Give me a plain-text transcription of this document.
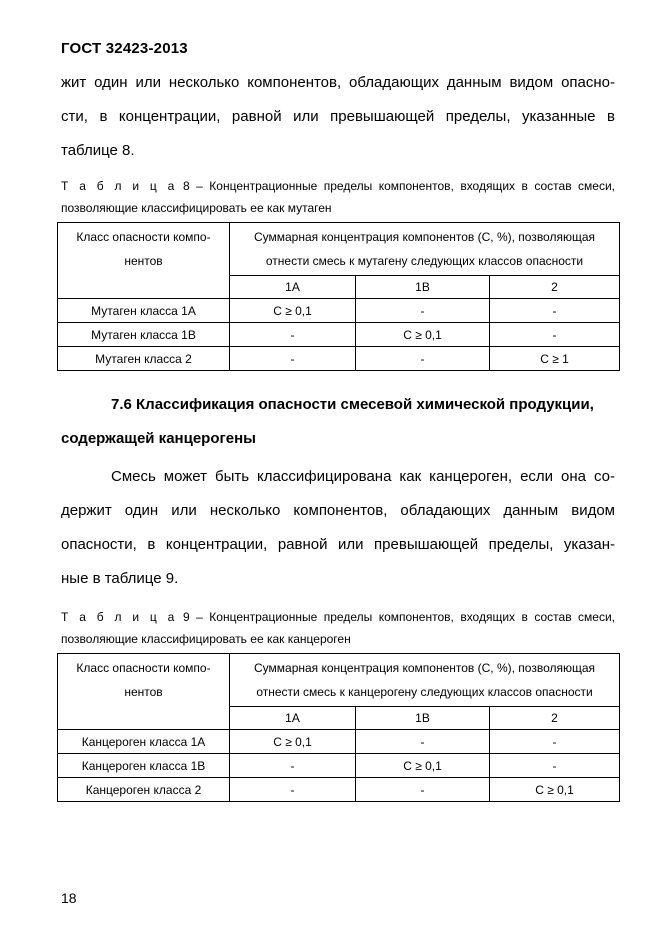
ГОСТ 32423-2013
жит один или несколько компонентов, обладающих данным видом опасно-
сти, в концентрации, равной или превышающей пределы, указанные в
таблице 8.
Т а б л и ц а 8 – Концентрационные пределы компонентов, входящих в состав смеси,
позволяющие классифицировать ее как мутаген
Класс опасности компо-нентов	Суммарная концентрация компонентов (C, %), позволяющая отнести смесь к мутагену следующих классов опасности		
	1А	1В	2
Мутаген класса 1А	C ≥ 0,1	-	-
Мутаген класса 1В	-	C ≥ 0,1	-
Мутаген класса 2	-	-	C ≥ 1
7.6 Классификация опасности смесевой химической продукции,
содержащей канцерогены
Смесь может быть классифицирована как канцероген, если она со-
держит один или несколько компонентов, обладающих данным видом
опасности, в концентрации, равной или превышающей пределы, указан-
ные в таблице 9.
Т а б л и ц а 9 – Концентрационные пределы компонентов, входящих в состав смеси,
позволяющие классифицировать ее как канцероген
Класс опасности компо-нентов	Суммарная концентрация компонентов (C, %), позволяющая отнести смесь к канцерогену следующих классов опасности		
	1А	1В	2
Канцероген класса 1А	C ≥ 0,1	-	-
Канцероген класса 1В	-	C ≥ 0,1	-
Канцероген класса 2	-	-	C ≥ 0,1
18
